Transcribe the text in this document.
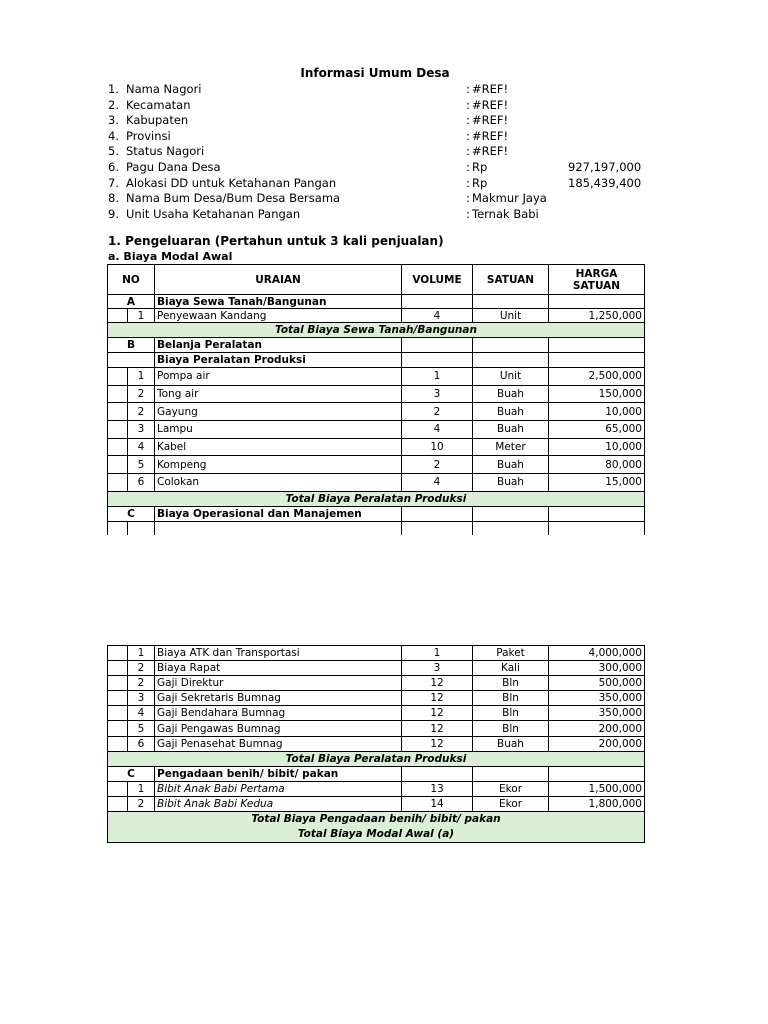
Informasi Umum Desa
1. Nama Nagori	: #REF!
2. Kecamatan	: #REF!
3. Kabupaten	: #REF!
4. Provinsi	: #REF!
5. Status Nagori	: #REF!
6. Pagu Dana Desa	: Rp	927,197,000
7. Alokasi DD untuk Ketahanan Pangan	: Rp	185,439,400
8. Nama Bum Desa/Bum Desa Bersama	: Makmur Jaya
9. Unit Usaha Ketahanan Pangan	: Ternak Babi
1. Pengeluaran (Pertahun untuk 3 kali penjualan)
a. Biaya Modal Awal
NO		URAIAN	VOLUME	SATUAN	HARGA SATUAN
A		Biaya Sewa Tanah/Bangunan			
	1	Penyewaan Kandang	4	Unit	1,250,000
Total Biaya Sewa Tanah/Bangunan					
B		Belanja Peralatan			
		Biaya Peralatan Produksi			
	1	Pompa air	1	Unit	2,500,000
	2	Tong air	3	Buah	150,000
	2	Gayung	2	Buah	10,000
	3	Lampu	4	Buah	65,000
	4	Kabel	10	Meter	10,000
	5	Kompeng	2	Buah	80,000
	6	Colokan	4	Buah	15,000
Total Biaya Peralatan Produksi					
C		Biaya Operasional dan Manajemen			

	1	Biaya ATK dan Transportasi	1	Paket	4,000,000
	2	Biaya Rapat	3	Kali	300,000
	2	Gaji Direktur	12	Bln	500,000
	3	Gaji Sekretaris Bumnag	12	Bln	350,000
	4	Gaji Bendahara Bumnag	12	Bln	350,000
	5	Gaji Pengawas Bumnag	12	Bln	200,000
	6	Gaji Penasehat Bumnag	12	Buah	200,000
Total Biaya Peralatan Produksi					
C		Pengadaan benih/ bibit/ pakan			
	1	Bibit Anak Babi Pertama	13	Ekor	1,500,000
	2	Bibit Anak Babi Kedua	14	Ekor	1,800,000

Total Biaya Pengadaan benih/ bibit/ pakan
Total Biaya Modal Awal (a)					
